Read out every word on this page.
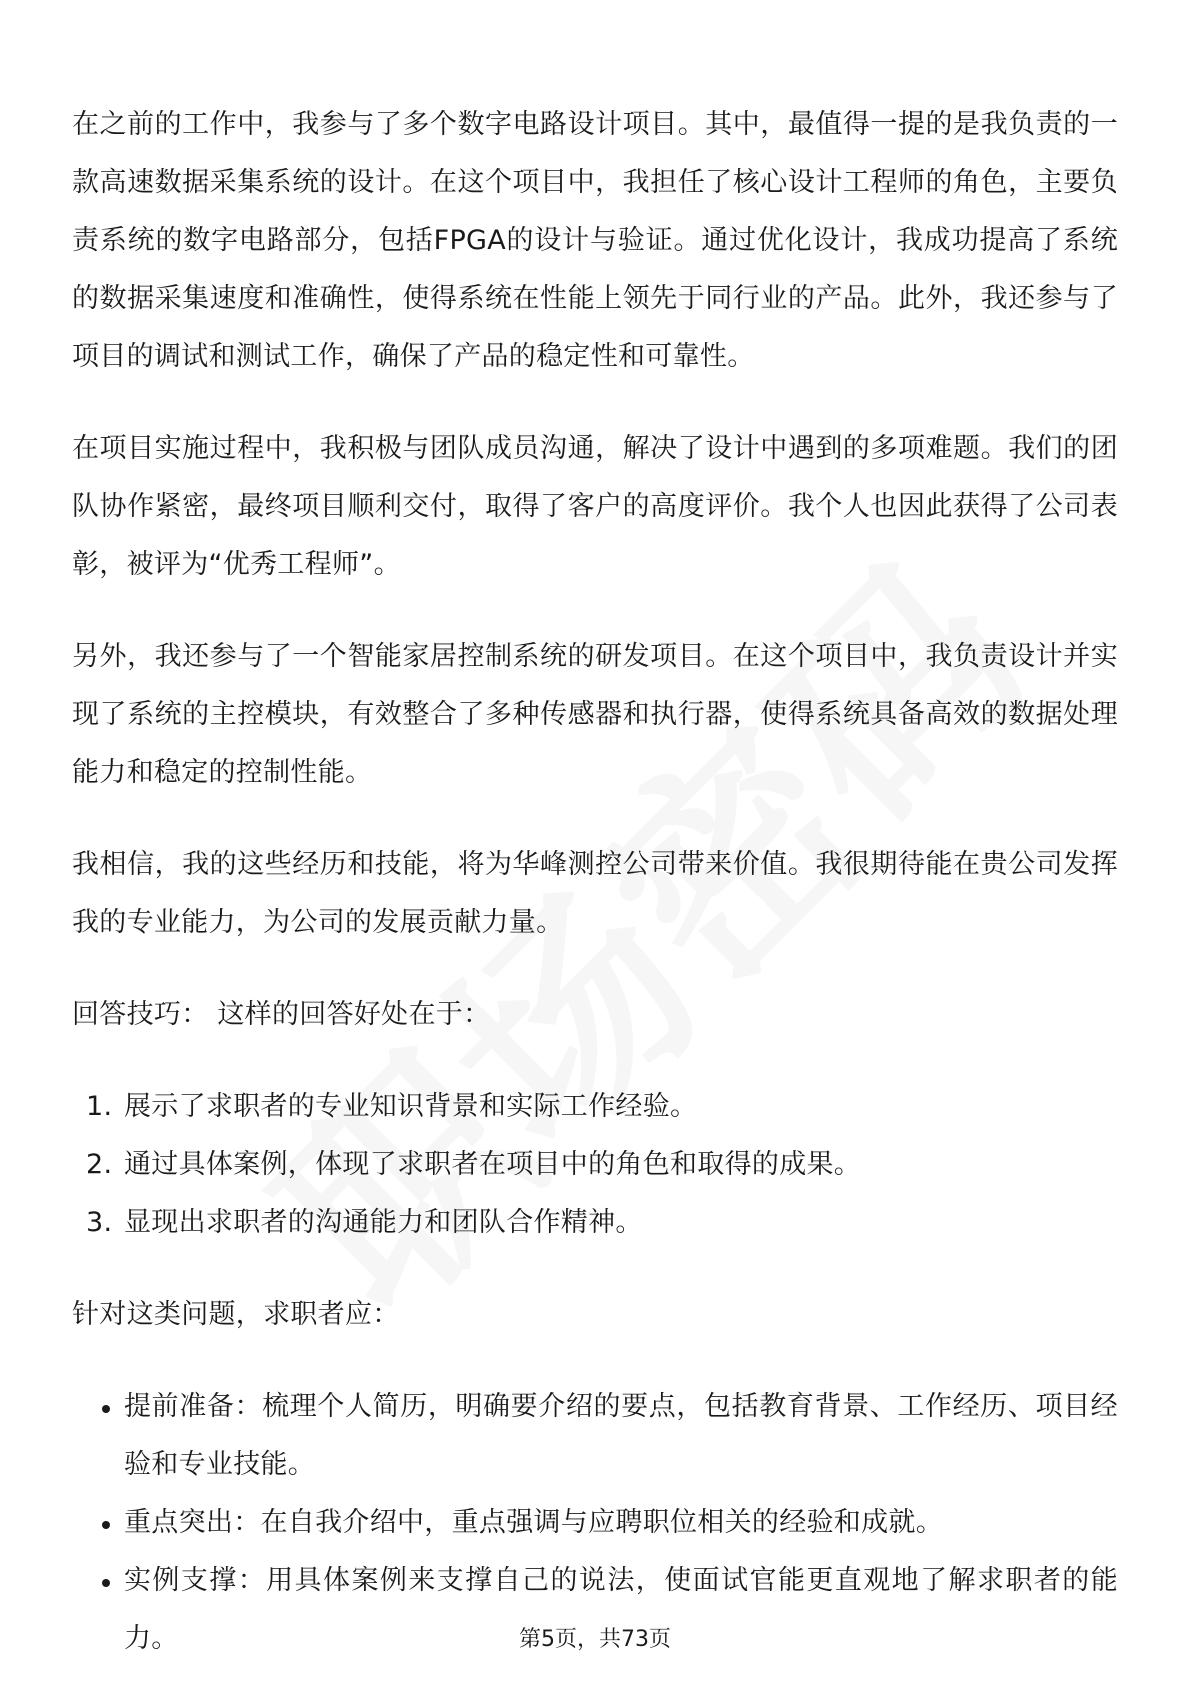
在之前的工作中，我参与了多个数字电路设计项目。其中，最值得一提的是我负责的一款高速数据采集系统的设计。在这个项目中，我担任了核心设计工程师的角色，主要负责系统的数字电路部分，包括FPGA的设计与验证。通过优化设计，我成功提高了系统的数据采集速度和准确性，使得系统在性能上领先于同行业的产品。此外，我还参与了项目的调试和测试工作，确保了产品的稳定性和可靠性。

在项目实施过程中，我积极与团队成员沟通，解决了设计中遇到的多项难题。我们的团队协作紧密，最终项目顺利交付，取得了客户的高度评价。我个人也因此获得了公司表彰，被评为“优秀工程师”。

另外，我还参与了一个智能家居控制系统的研发项目。在这个项目中，我负责设计并实现了系统的主控模块，有效整合了多种传感器和执行器，使得系统具备高效的数据处理能力和稳定的控制性能。

我相信，我的这些经历和技能，将为华峰测控公司带来价值。我很期待能在贵公司发挥我的专业能力，为公司的发展贡献力量。

回答技巧： 这样的回答好处在于：

1. 展示了求职者的专业知识背景和实际工作经验。
2. 通过具体案例，体现了求职者在项目中的角色和取得的成果。
3. 显现出求职者的沟通能力和团队合作精神。

针对这类问题，求职者应：

提前准备：梳理个人简历，明确要介绍的要点，包括教育背景、工作经历、项目经验和专业技能。
重点突出：在自我介绍中，重点强调与应聘职位相关的经验和成就。
实例支撑：用具体案例来支撑自己的说法，使面试官能更直观地了解求职者的能力。	第5页，共73页
